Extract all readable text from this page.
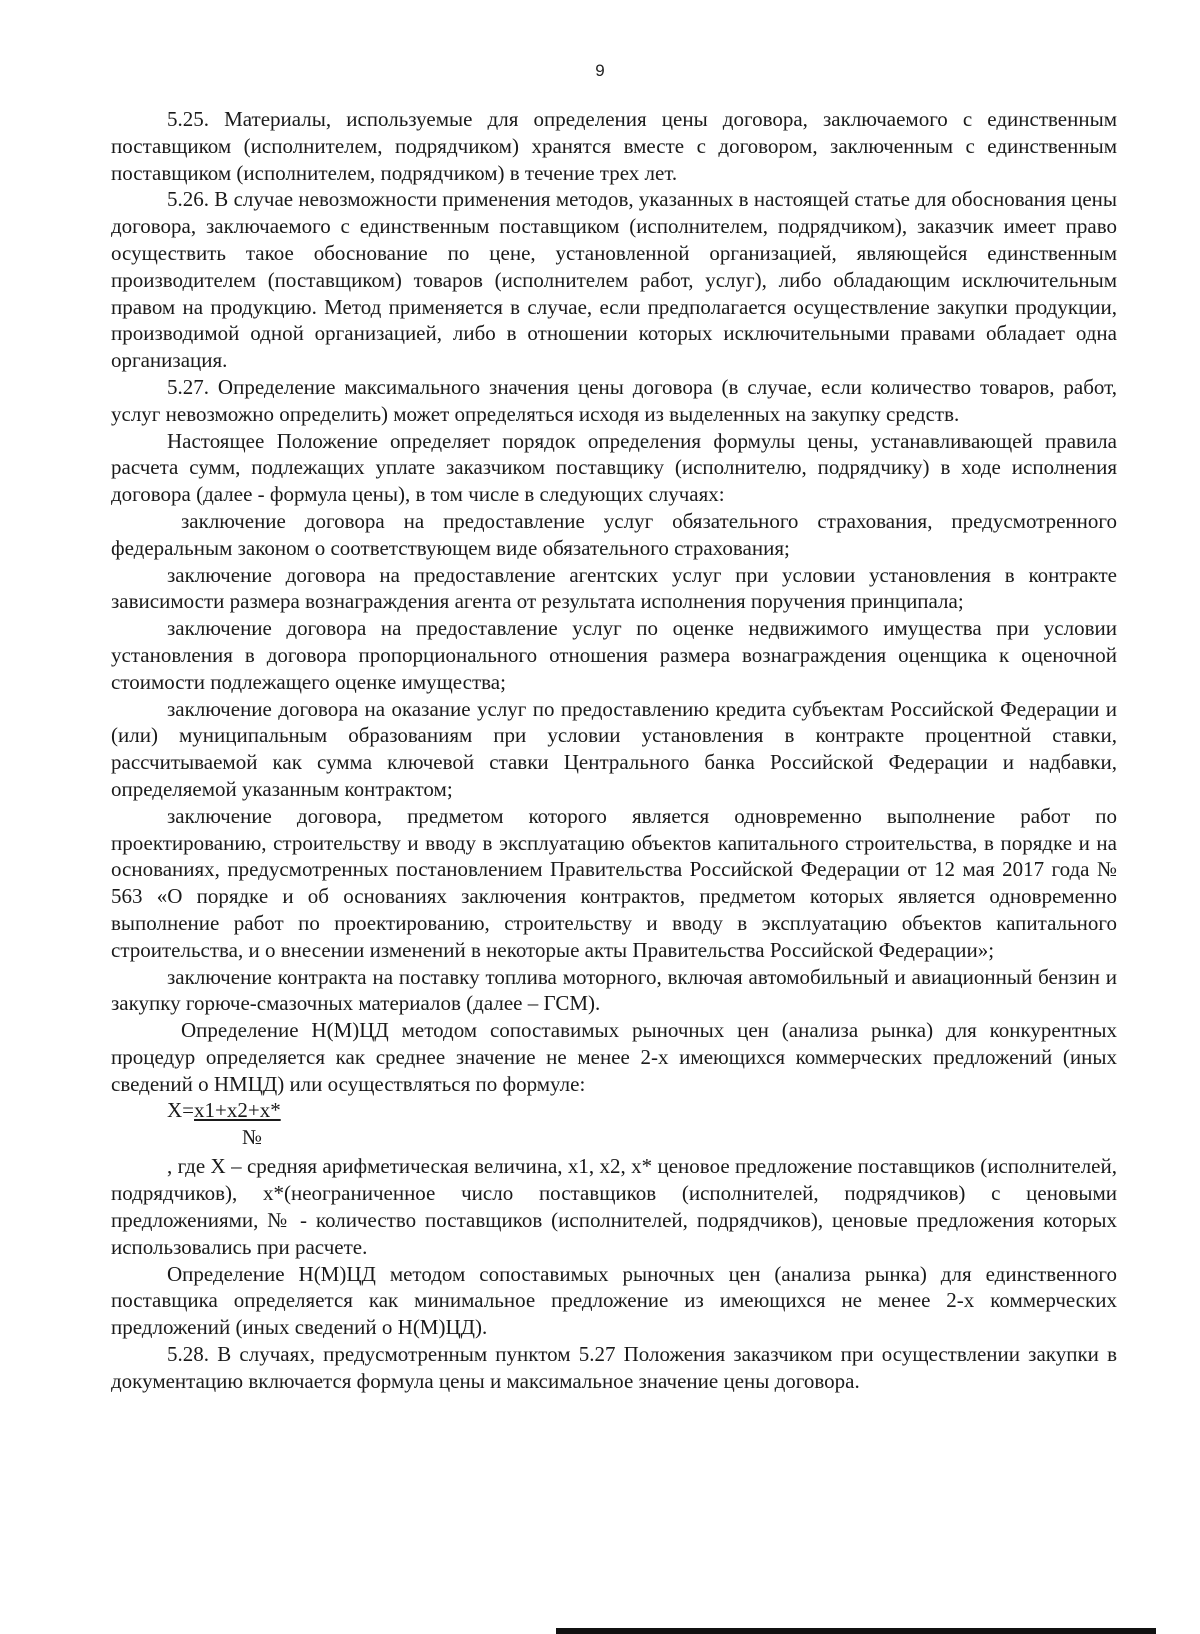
9

5.25. Материалы, используемые для определения цены договора, заключаемого с единственным поставщиком (исполнителем, подрядчиком) хранятся вместе с договором, заключенным с единственным поставщиком (исполнителем, подрядчиком) в течение трех лет.

5.26. В случае невозможности применения методов, указанных в настоящей статье для обоснования цены договора, заключаемого с единственным поставщиком (исполнителем, подрядчиком), заказчик имеет право осуществить такое обоснование по цене, установленной организацией, являющейся единственным производителем (поставщиком) товаров (исполнителем работ, услуг), либо обладающим исключительным правом на продукцию. Метод применяется в случае, если предполагается осуществление закупки продукции, производимой одной организацией, либо в отношении которых исключительными правами обладает одна организация.

5.27. Определение максимального значения цены договора (в случае, если количество товаров, работ, услуг невозможно определить) может определяться исходя из выделенных на закупку средств.

Настоящее Положение определяет порядок определения формулы цены, устанавливающей правила расчета сумм, подлежащих уплате заказчиком поставщику (исполнителю, подрядчику) в ходе исполнения договора (далее - формула цены), в том числе в следующих случаях:

заключение договора на предоставление услуг обязательного страхования, предусмотренного федеральным законом о соответствующем виде обязательного страхования;

заключение договора на предоставление агентских услуг при условии установления в контракте зависимости размера вознаграждения агента от результата исполнения поручения принципала;

заключение договора на предоставление услуг по оценке недвижимого имущества при условии установления в договора пропорционального отношения размера вознаграждения оценщика к оценочной стоимости подлежащего оценке имущества;

заключение договора на оказание услуг по предоставлению кредита субъектам Российской Федерации и (или) муниципальным образованиям при условии установления в контракте процентной ставки, рассчитываемой как сумма ключевой ставки Центрального банка Российской Федерации и надбавки, определяемой указанным контрактом;

заключение договора, предметом которого является одновременно выполнение работ по проектированию, строительству и вводу в эксплуатацию объектов капитального строительства, в порядке и на основаниях, предусмотренных постановлением Правительства Российской Федерации от 12 мая 2017 года № 563 «О порядке и об основаниях заключения контрактов, предметом которых является одновременно выполнение работ по проектированию, строительству и вводу в эксплуатацию объектов капитального строительства, и о внесении изменений в некоторые акты Правительства Российской Федерации»;

заключение контракта на поставку топлива моторного, включая автомобильный и авиационный бензин и закупку горюче-смазочных материалов (далее – ГСМ).

Определение Н(М)ЦД методом сопоставимых рыночных цен (анализа рынка) для конкурентных процедур определяется как среднее значение не менее 2-х имеющихся коммерческих предложений (иных сведений о НМЦД) или осуществляться по формуле:

X=x1+x2+x*
№

, где X – средняя арифметическая величина, x1, x2, x* ценовое предложение поставщиков (исполнителей, подрядчиков), x*(неограниченное число поставщиков (исполнителей, подрядчиков) с ценовыми предложениями, № - количество поставщиков (исполнителей, подрядчиков), ценовые предложения которых использовались при расчете.

Определение Н(М)ЦД методом сопоставимых рыночных цен (анализа рынка) для единственного поставщика определяется как минимальное предложение из имеющихся не менее 2-х коммерческих предложений (иных сведений о Н(М)ЦД).

5.28. В случаях, предусмотренным пунктом 5.27 Положения заказчиком при осуществлении закупки в документацию включается формула цены и максимальное значение цены договора.
